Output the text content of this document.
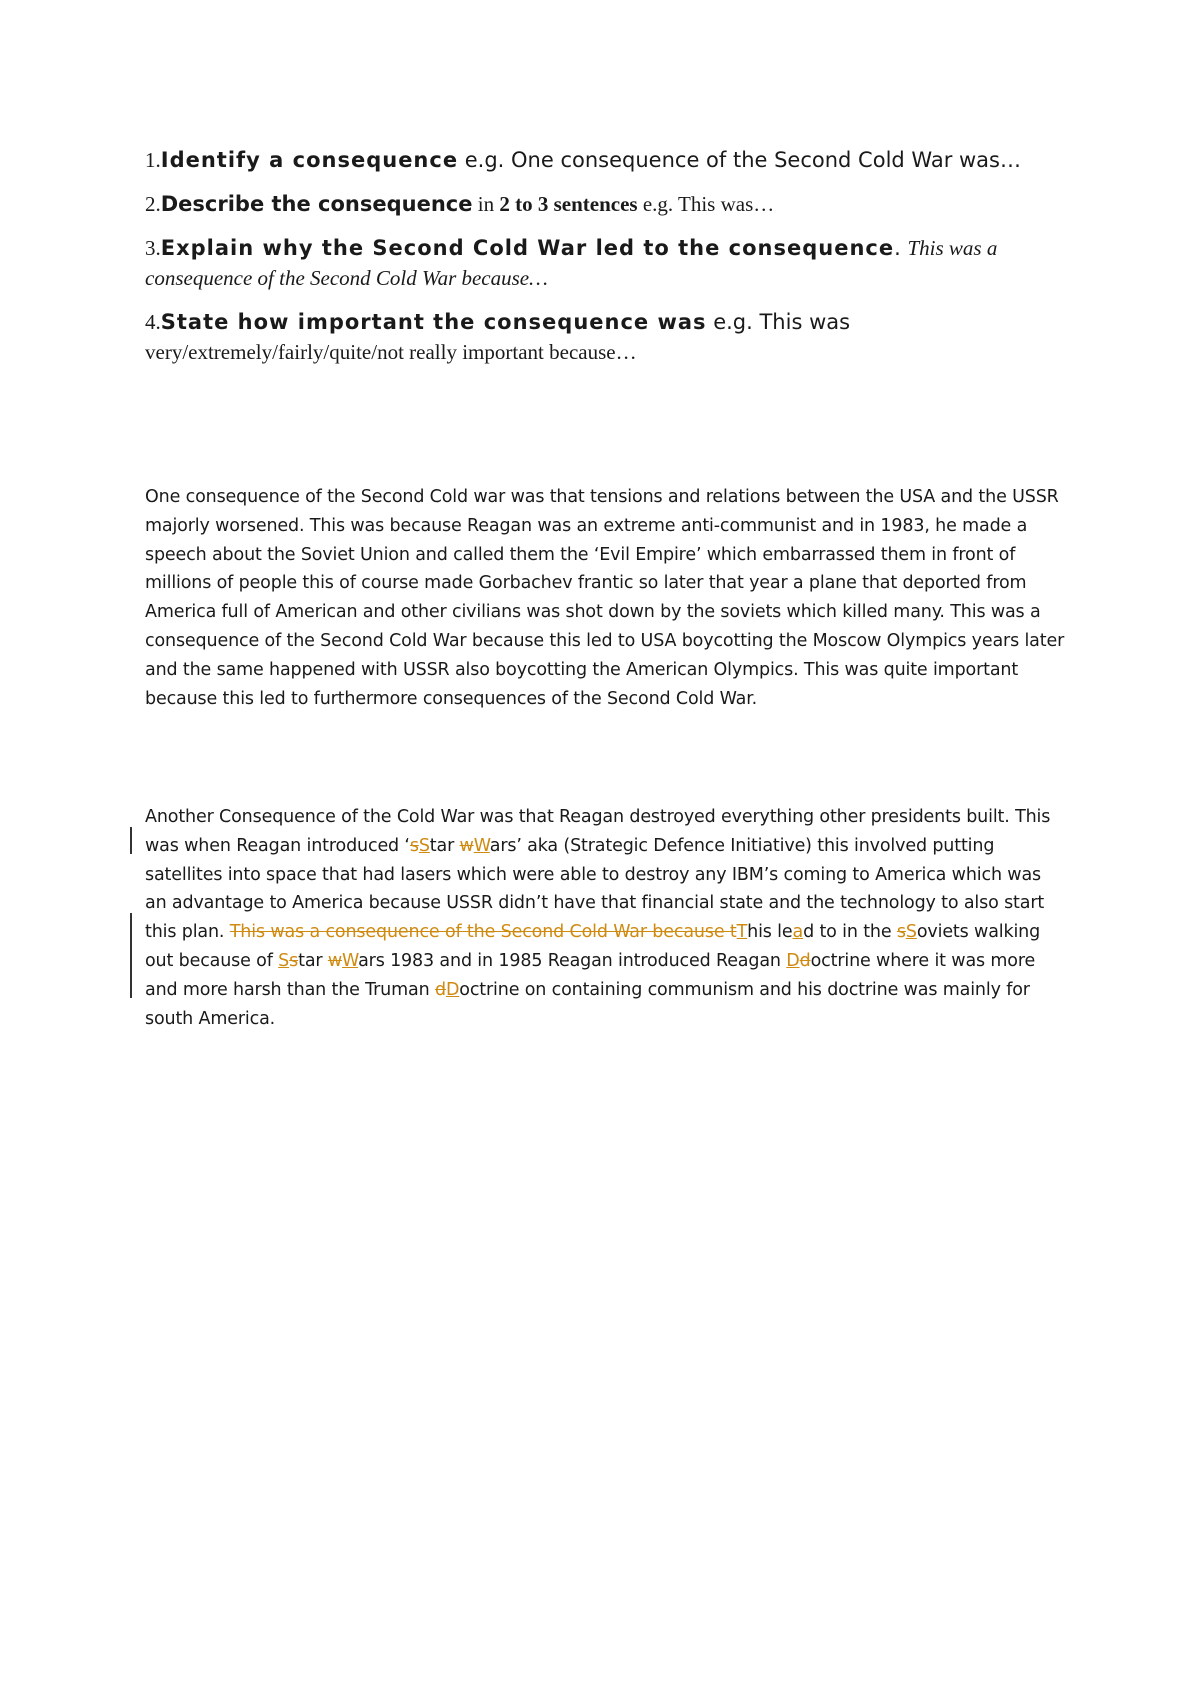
1.Identify a consequence e.g. One consequence of the Second Cold War was…

2.Describe the consequence in 2 to 3 sentences e.g. This was…

3.Explain why the Second Cold War led to the consequence. This was a consequence of the Second Cold War because…

4.State how important the consequence was e.g. This was
very/extremely/fairly/quite/not really important because…

One consequence of the Second Cold war was that tensions and relations between the USA and the USSR majorly worsened. This was because Reagan was an extreme anti-communist and in 1983, he made a speech about the Soviet Union and called them the ‘Evil Empire’ which embarrassed them in front of millions of people this of course made Gorbachev frantic so later that year a plane that deported from America full of American and other civilians was shot down by the soviets which killed many. This was a consequence of the Second Cold War because this led to USA boycotting the Moscow Olympics years later and the same happened with USSR also boycotting the American Olympics. This was quite important because this led to furthermore consequences of the Second Cold War.

Another Consequence of the Cold War was that Reagan destroyed everything other presidents built. This was when Reagan introduced ‘sStar wWars’ aka (Strategic Defence Initiative) this involved putting satellites into space that had lasers which were able to destroy any IBM’s coming to America which was an advantage to America because USSR didn’t have that financial state and the technology to also start this plan. This was a consequence of the Second Cold War because tThis lead to in the sSoviets walking out because of Sstar wWars 1983 and in 1985 Reagan introduced Reagan Ddoctrine where it was more and more harsh than the Truman dDoctrine on containing communism and his doctrine was mainly for south America.
